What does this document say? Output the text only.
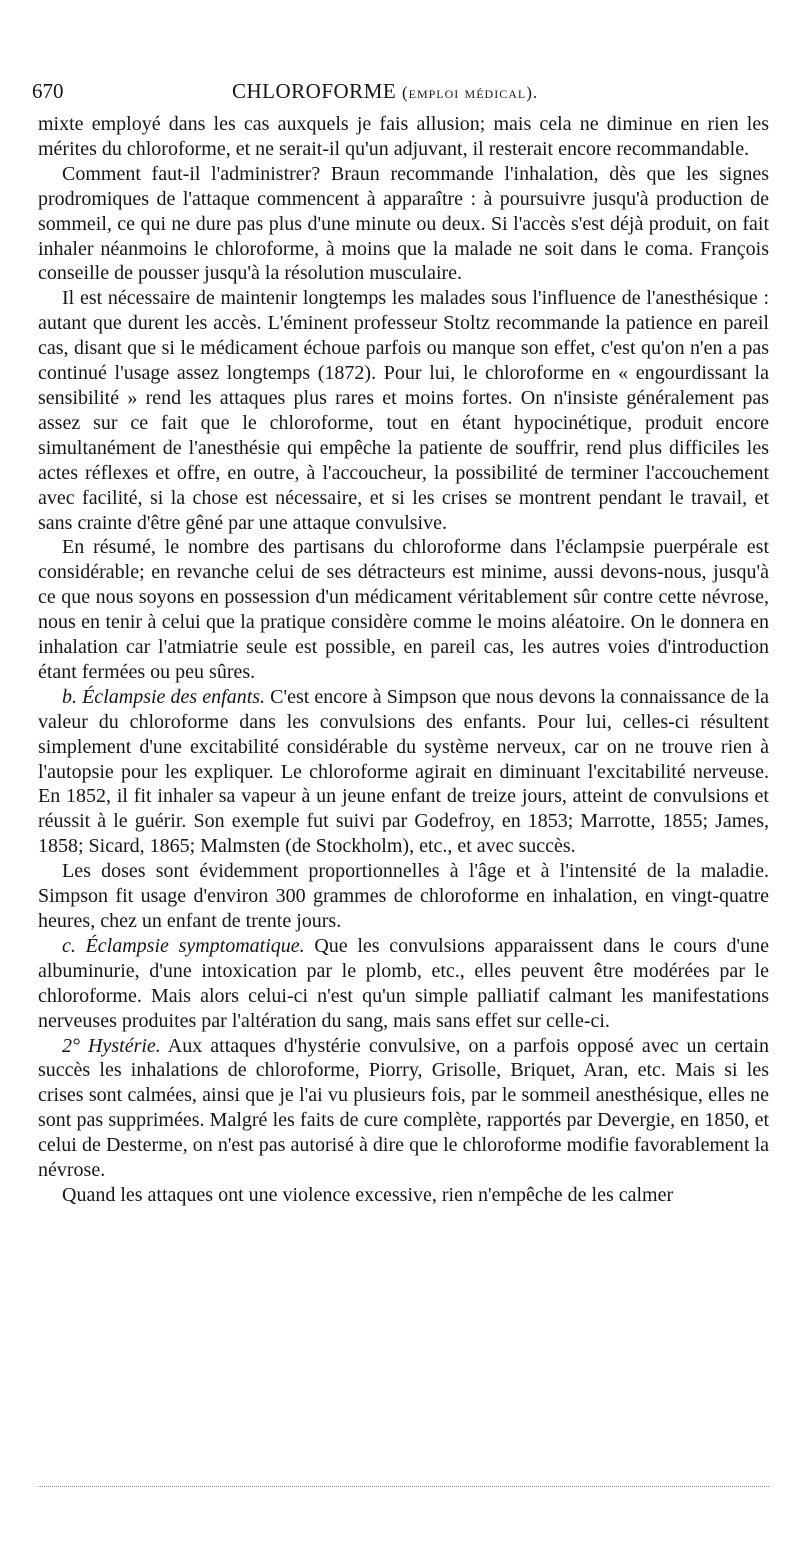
670	CHLOROFORME (emploi médical).

mixte employé dans les cas auxquels je fais allusion; mais cela ne diminue en rien les mérites du chloroforme, et ne serait-il qu'un adjuvant, il resterait encore recommandable.

Comment faut-il l'administrer? Braun recommande l'inhalation, dès que les signes prodromiques de l'attaque commencent à apparaître : à poursuivre jusqu'à production de sommeil, ce qui ne dure pas plus d'une minute ou deux. Si l'accès s'est déjà produit, on fait inhaler néanmoins le chloroforme, à moins que la malade ne soit dans le coma. François conseille de pousser jusqu'à la résolution musculaire.

Il est nécessaire de maintenir longtemps les malades sous l'influence de l'anesthésique : autant que durent les accès. L'éminent professeur Stoltz recommande la patience en pareil cas, disant que si le médicament échoue parfois ou manque son effet, c'est qu'on n'en a pas continué l'usage assez longtemps (1872). Pour lui, le chloroforme en « engourdissant la sensibilité » rend les attaques plus rares et moins fortes. On n'insiste généralement pas assez sur ce fait que le chloroforme, tout en étant hypocinétique, produit encore simultanément de l'anesthésie qui empêche la patiente de souffrir, rend plus difficiles les actes réflexes et offre, en outre, à l'accoucheur, la possibilité de terminer l'accouchement avec facilité, si la chose est nécessaire, et si les crises se montrent pendant le travail, et sans crainte d'être gêné par une attaque convulsive.

En résumé, le nombre des partisans du chloroforme dans l'éclampsie puerpérale est considérable; en revanche celui de ses détracteurs est minime, aussi devons-nous, jusqu'à ce que nous soyons en possession d'un médicament véritablement sûr contre cette névrose, nous en tenir à celui que la pratique considère comme le moins aléatoire. On le donnera en inhalation car l'atmiatrie seule est possible, en pareil cas, les autres voies d'introduction étant fermées ou peu sûres.

b. Éclampsie des enfants. C'est encore à Simpson que nous devons la connaissance de la valeur du chloroforme dans les convulsions des enfants. Pour lui, celles-ci résultent simplement d'une excitabilité considérable du système nerveux, car on ne trouve rien à l'autopsie pour les expliquer. Le chloroforme agirait en diminuant l'excitabilité nerveuse. En 1852, il fit inhaler sa vapeur à un jeune enfant de treize jours, atteint de convulsions et réussit à le guérir. Son exemple fut suivi par Godefroy, en 1853; Marrotte, 1855; James, 1858; Sicard, 1865; Malmsten (de Stockholm), etc., et avec succès.

Les doses sont évidemment proportionnelles à l'âge et à l'intensité de la maladie. Simpson fit usage d'environ 300 grammes de chloroforme en inhalation, en vingt-quatre heures, chez un enfant de trente jours.

c. Éclampsie symptomatique. Que les convulsions apparaissent dans le cours d'une albuminurie, d'une intoxication par le plomb, etc., elles peuvent être modérées par le chloroforme. Mais alors celui-ci n'est qu'un simple palliatif calmant les manifestations nerveuses produites par l'altération du sang, mais sans effet sur celle-ci.

2° Hystérie. Aux attaques d'hystérie convulsive, on a parfois opposé avec un certain succès les inhalations de chloroforme, Piorry, Grisolle, Briquet, Aran, etc. Mais si les crises sont calmées, ainsi que je l'ai vu plusieurs fois, par le sommeil anesthésique, elles ne sont pas supprimées. Malgré les faits de cure complète, rapportés par Devergie, en 1850, et celui de Desterme, on n'est pas autorisé à dire que le chloroforme modifie favorablement la névrose.

Quand les attaques ont une violence excessive, rien n'empêche de les calmer
